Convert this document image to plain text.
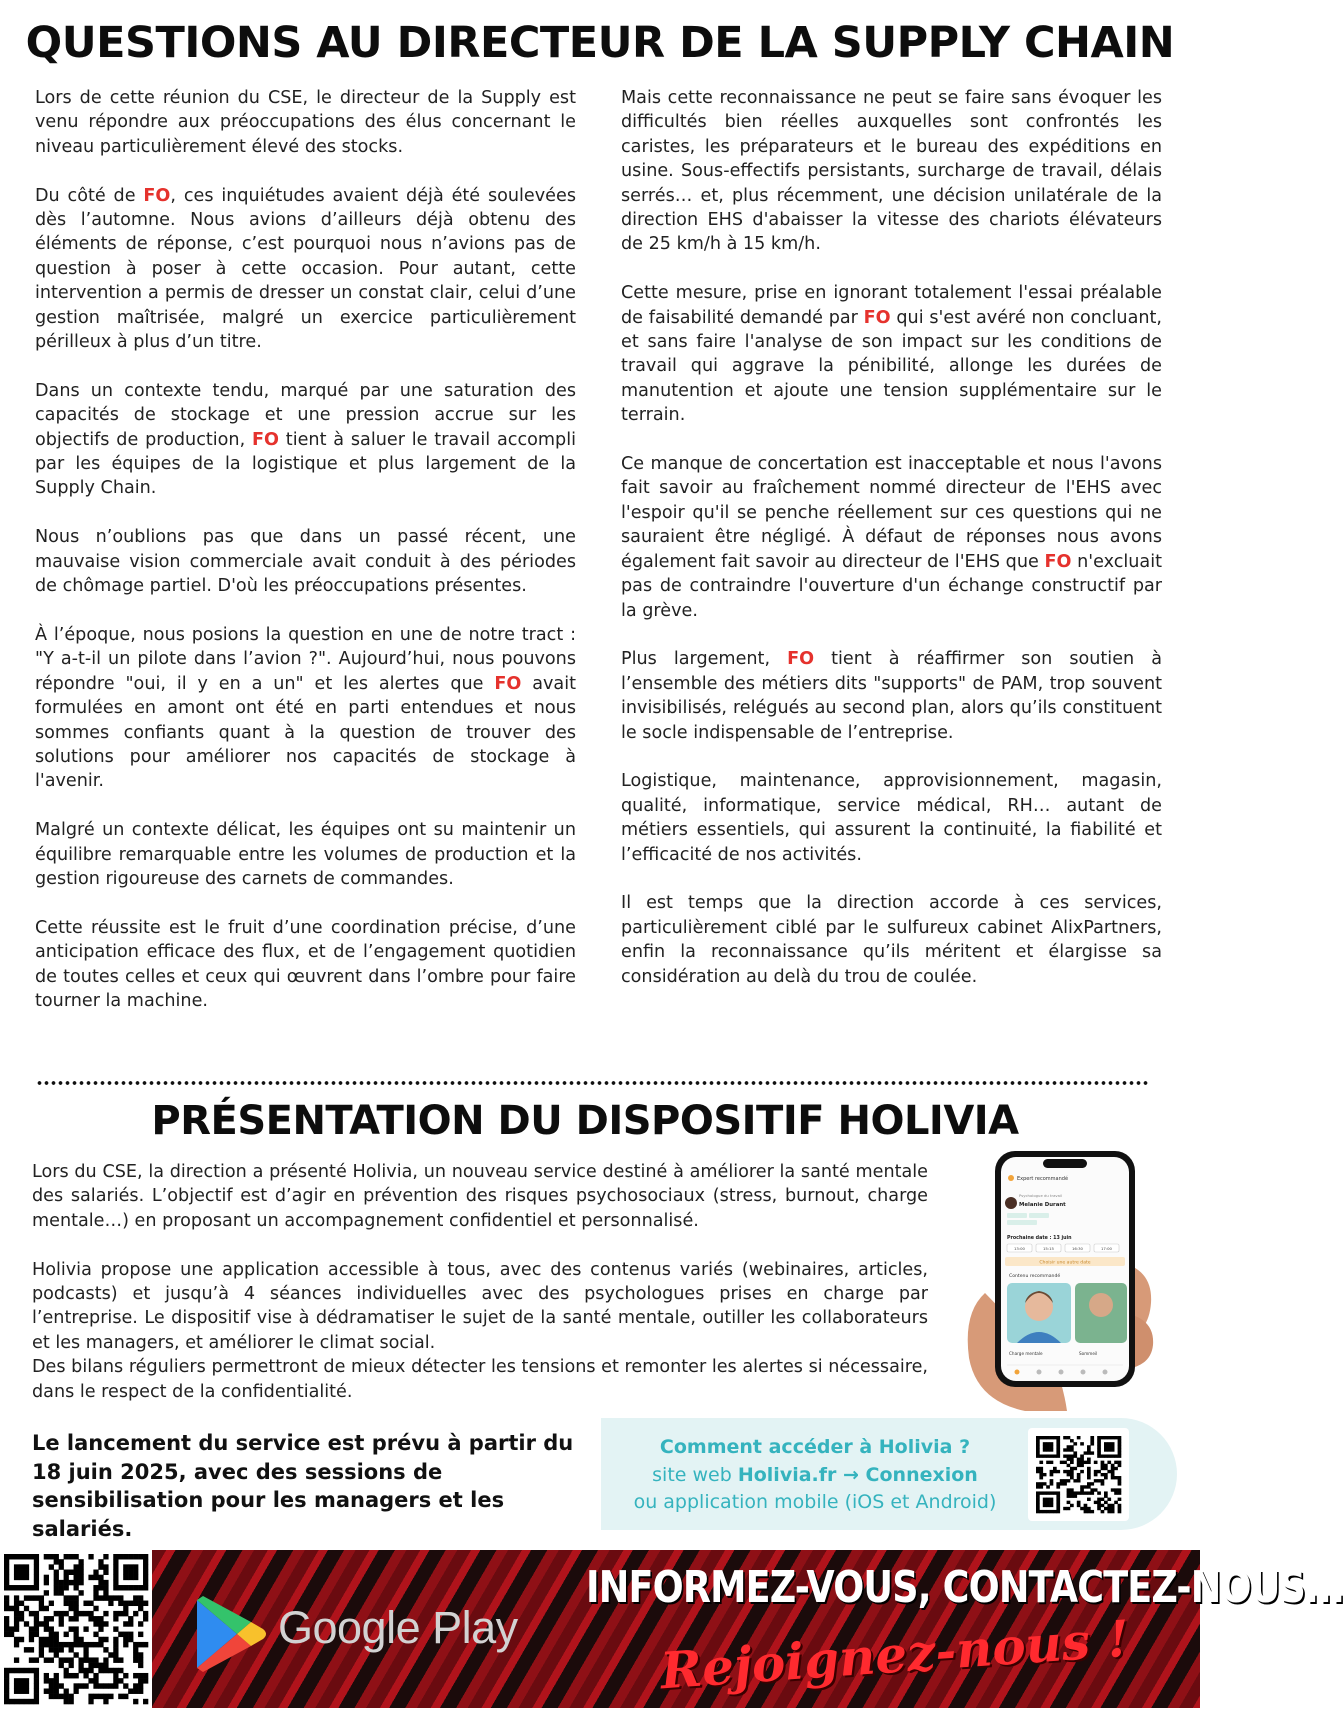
QUESTIONS AU DIRECTEUR DE LA SUPPLY CHAIN

Lors de cette réunion du CSE, le directeur de la Supply est venu répondre aux préoccupations des élus concernant le niveau particulièrement élevé des stocks.

Du côté de FO, ces inquiétudes avaient déjà été soulevées dès l’automne. Nous avions d’ailleurs déjà obtenu des éléments de réponse, c’est pourquoi nous n’avions pas de question à poser à cette occasion. Pour autant, cette intervention a permis de dresser un constat clair, celui d’une gestion maîtrisée, malgré un exercice particulièrement périlleux à plus d’un titre.

Dans un contexte tendu, marqué par une saturation des capacités de stockage et une pression accrue sur les objectifs de production, FO tient à saluer le travail accompli par les équipes de la logistique et plus largement de la Supply Chain.

Nous n’oublions pas que dans un passé récent, une mauvaise vision commerciale avait conduit à des périodes de chômage partiel. D'où les préoccupations présentes.

À l’époque, nous posions la question en une de notre tract : "Y a-t-il un pilote dans l’avion ?". Aujourd’hui, nous pouvons répondre "oui, il y en a un" et les alertes que FO avait formulées en amont ont été en parti entendues et nous sommes confiants quant à la question de trouver des solutions pour améliorer nos capacités de stockage à l'avenir.

Malgré un contexte délicat, les équipes ont su maintenir un équilibre remarquable entre les volumes de production et la gestion rigoureuse des carnets de commandes.

Cette réussite est le fruit d’une coordination précise, d’une anticipation efficace des flux, et de l’engagement quotidien de toutes celles et ceux qui œuvrent dans l’ombre pour faire tourner la machine.

Mais cette reconnaissance ne peut se faire sans évoquer les difficultés bien réelles auxquelles sont confrontés les caristes, les préparateurs et le bureau des expéditions en usine. Sous-effectifs persistants, surcharge de travail, délais serrés… et, plus récemment, une décision unilatérale de la direction EHS d'abaisser la vitesse des chariots élévateurs de 25 km/h à 15 km/h.

Cette mesure, prise en ignorant totalement l'essai préalable de faisabilité demandé par FO qui s'est avéré non concluant, et sans faire l'analyse de son impact sur les conditions de travail qui aggrave la pénibilité, allonge les durées de manutention et ajoute une tension supplémentaire sur le terrain.

Ce manque de concertation est inacceptable et nous l'avons fait savoir au fraîchement nommé directeur de l'EHS avec l'espoir qu'il se penche réellement sur ces questions qui ne sauraient être négligé. À défaut de réponses nous avons également fait savoir au directeur de l'EHS que FO n'excluait pas de contraindre l'ouverture d'un échange constructif par la grève.

Plus largement, FO tient à réaffirmer son soutien à l’ensemble des métiers dits "supports" de PAM, trop souvent invisibilisés, relégués au second plan, alors qu’ils constituent le socle indispensable de l’entreprise.

Logistique, maintenance, approvisionnement, magasin, qualité, informatique, service médical, RH… autant de métiers essentiels, qui assurent la continuité, la fiabilité et l’efficacité de nos activités.

Il est temps que la direction accorde à ces services, particulièrement ciblé par le sulfureux cabinet AlixPartners, enfin la reconnaissance qu’ils méritent et élargisse sa considération au delà du trou de coulée.

PRÉSENTATION DU DISPOSITIF HOLIVIA

Lors du CSE, la direction a présenté Holivia, un nouveau service destiné à améliorer la santé mentale des salariés. L’objectif est d’agir en prévention des risques psychosociaux (stress, burnout, charge mentale…) en proposant un accompagnement confidentiel et personnalisé.

Holivia propose une application accessible à tous, avec des contenus variés (webinaires, articles, podcasts) et jusqu’à 4 séances individuelles avec des psychologues prises en charge par l’entreprise. Le dispositif vise à dédramatiser le sujet de la santé mentale, outiller les collaborateurs et les managers, et améliorer le climat social.

Des bilans réguliers permettront de mieux détecter les tensions et remonter les alertes si nécessaire, dans le respect de la confidentialité.

Le lancement du service est prévu à partir du 18 juin 2025, avec des sessions de sensibilisation pour les managers et les salariés.
Comment accéder à Holivia ?
site web Holivia.fr → Connexion
ou application mobile (iOS et Android)
Expert recommandé
Psychologue du travail
Melanie Durant
Prochaine date : 13 juin
13:00	15:15	16:30	17:00
Choisir une autre date
Contenu recommandé
Charge mentale	Sommeil
Google Play
INFORMEZ-VOUS, CONTACTEZ-NOUS...
Rejoignez-nous !
